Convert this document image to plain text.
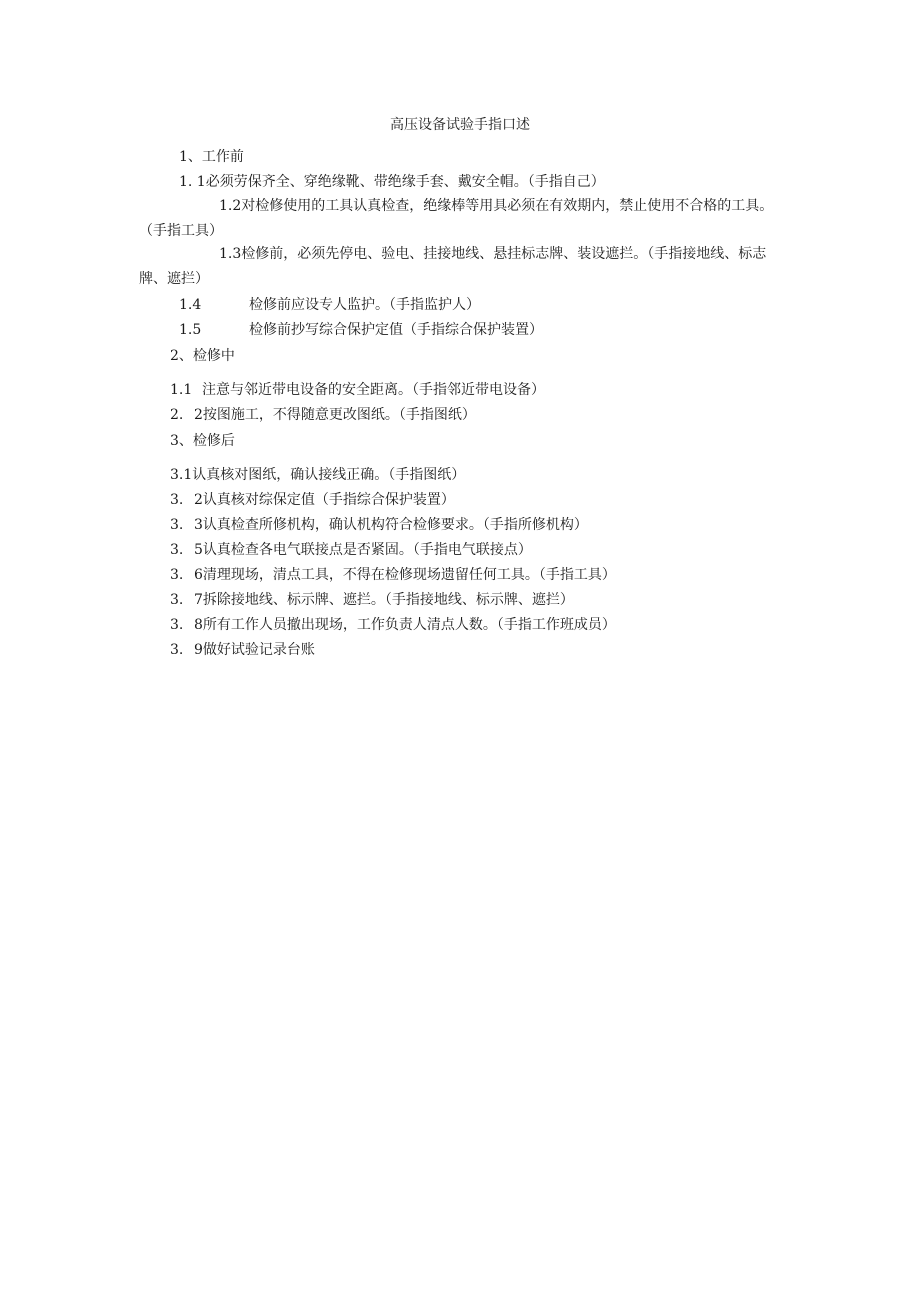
高压设备试验手指口述
1、工作前
1. 1必须劳保齐全、穿绝缘靴、带绝缘手套、戴安全帽。（手指自己）
1.2对检修使用的工具认真检查，绝缘棒等用具必须在有效期内，禁止使用不合格的工具。（手指工具）
1.3检修前，必须先停电、验电、挂接地线、悬挂标志牌、装设遮拦。（手指接地线、标志牌、遮拦）
1.4	检修前应设专人监护。（手指监护人）
1.5	检修前抄写综合保护定值（手指综合保护装置）
2、检修中
1.1 注意与邻近带电设备的安全距离。（手指邻近带电设备）
2. 2按图施工，不得随意更改图纸。（手指图纸）
3、检修后
3.1认真核对图纸，确认接线正确。（手指图纸）
3. 2认真核对综保定值（手指综合保护装置）
3. 3认真检查所修机构，确认机构符合检修要求。（手指所修机构）
3. 5认真检查各电气联接点是否紧固。（手指电气联接点）
3. 6清理现场，清点工具，不得在检修现场遗留任何工具。（手指工具）
3. 7拆除接地线、标示牌、遮拦。（手指接地线、标示牌、遮拦）
3. 8所有工作人员撤出现场，工作负责人清点人数。（手指工作班成员）
3. 9做好试验记录台账
